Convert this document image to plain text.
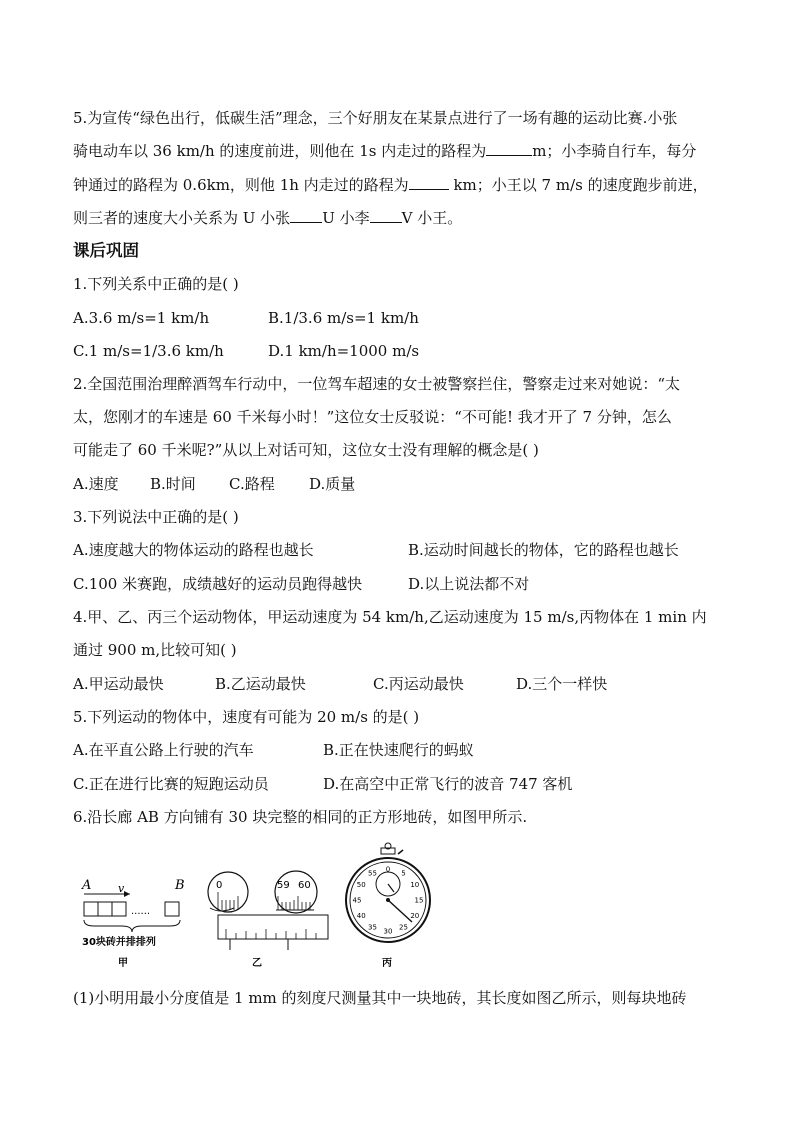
5.为宣传“绿色出行，低碳生活”理念，三个好朋友在某景点进行了一场有趣的运动比赛.小张
骑电动车以 36 km/h 的速度前进，则他在 1s 内走过的路程为	m；小李骑自行车，每分
钟通过的路程为 0.6km，则他 1h 内走过的路程为	km；小王以 7 m/s 的速度跑步前进，
则三者的速度大小关系为 U 小张 U 小李 V 小王。
课后巩固
1.下列关系中正确的是( )
A.3.6 m/s=1 km/h	B.1/3.6 m/s=1 km/h
C.1 m/s=1/3.6 km/h	D.1 km/h=1000 m/s
2.全国范围治理醉酒驾车行动中，一位驾车超速的女士被警察拦住，警察走过来对她说：“太
太，您刚才的车速是 60 千米每小时！”这位女士反驳说：“不可能! 我才开了 7 分钟，怎么
可能走了 60 千米呢?”从以上对话可知，这位女士没有理解的概念是( )
A.速度 B.时间 C.路程 D.质量
3.下列说法中正确的是( )
A.速度越大的物体运动的路程也越长	B.运动时间越长的物体，它的路程也越长
C.100 米赛跑，成绩越好的运动员跑得越快	D.以上说法都不对
4.甲、乙、丙三个运动物体，甲运动速度为 54 km/h,乙运动速度为 15 m/s,丙物体在 1 min 内
通过 900 m,比较可知( )
A.甲运动最快	B.乙运动最快	C.丙运动最快	D.三个一样快
5.下列运动的物体中，速度有可能为 20 m/s 的是( )
A.在平直公路上行驶的汽车	B.正在快速爬行的蚂蚁
C.正在进行比赛的短跑运动员	D.在高空中正常飞行的波音 747 客机
6.沿长廊 AB 方向铺有 30 块完整的相同的正方形地砖，如图甲所示.
A	B
v
......
30块砖并排排列
甲
0	59 60
乙
0
5
10
15
20
25
30
35
40
45
50
55
丙
(1)小明用最小分度值是 1 mm 的刻度尺测量其中一块地砖，其长度如图乙所示，则每块地砖
